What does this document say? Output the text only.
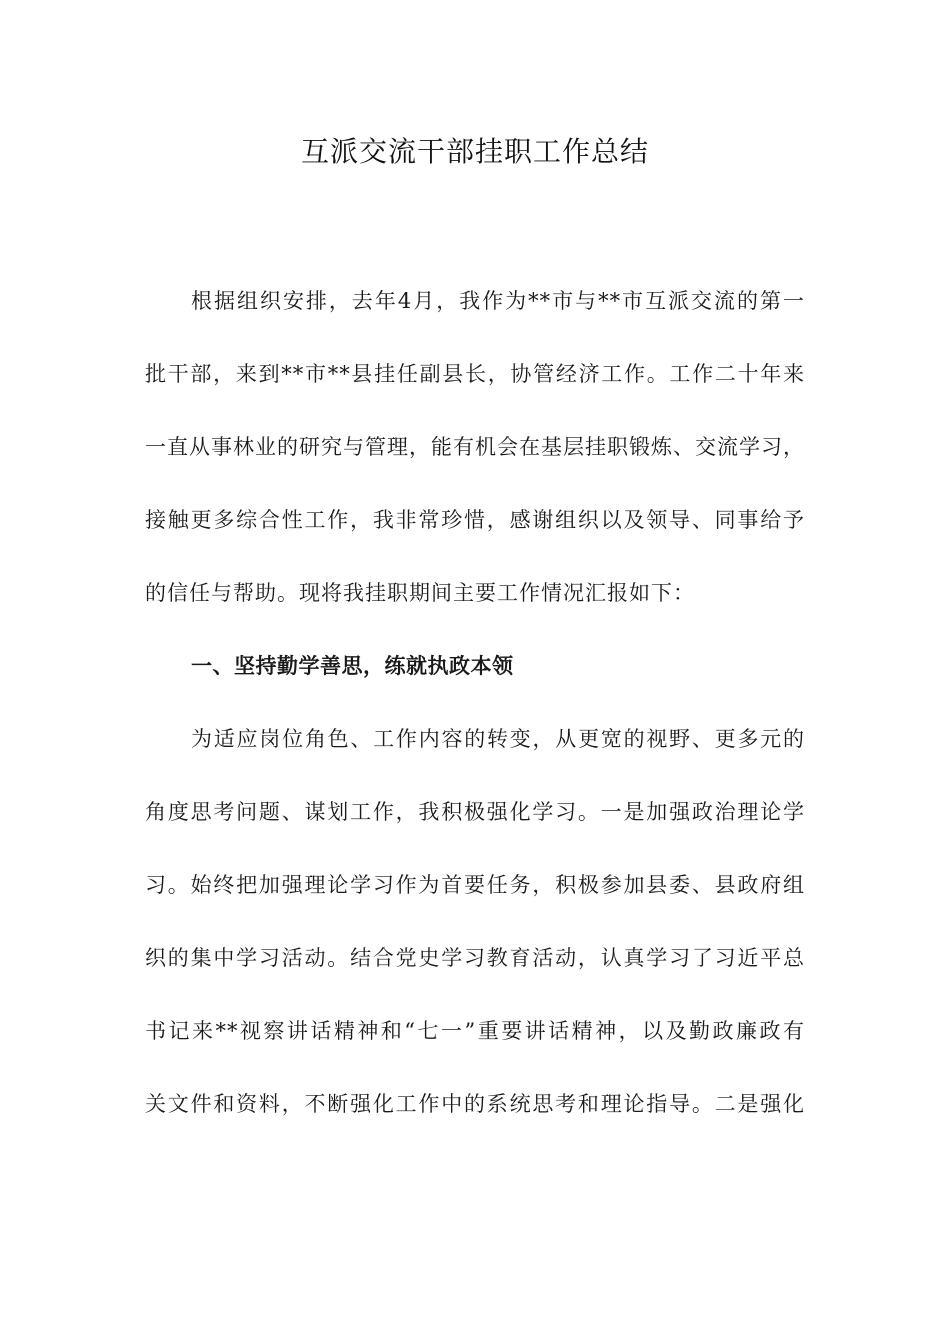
互派交流干部挂职工作总结
根据组织安排，去年4月，我作为**市与**市互派交流的第一
批干部，来到**市**县挂任副县长，协管经济工作。工作二十年来
一直从事林业的研究与管理，能有机会在基层挂职锻炼、交流学习，
接触更多综合性工作，我非常珍惜，感谢组织以及领导、同事给予
的信任与帮助。现将我挂职期间主要工作情况汇报如下：
一、坚持勤学善思，练就执政本领
为适应岗位角色、工作内容的转变，从更宽的视野、更多元的
角度思考问题、谋划工作，我积极强化学习。一是加强政治理论学
习。始终把加强理论学习作为首要任务，积极参加县委、县政府组
织的集中学习活动。结合党史学习教育活动，认真学习了习近平总
书记来**视察讲话精神和“七一”重要讲话精神，以及勤政廉政有
关文件和资料，不断强化工作中的系统思考和理论指导。二是强化
